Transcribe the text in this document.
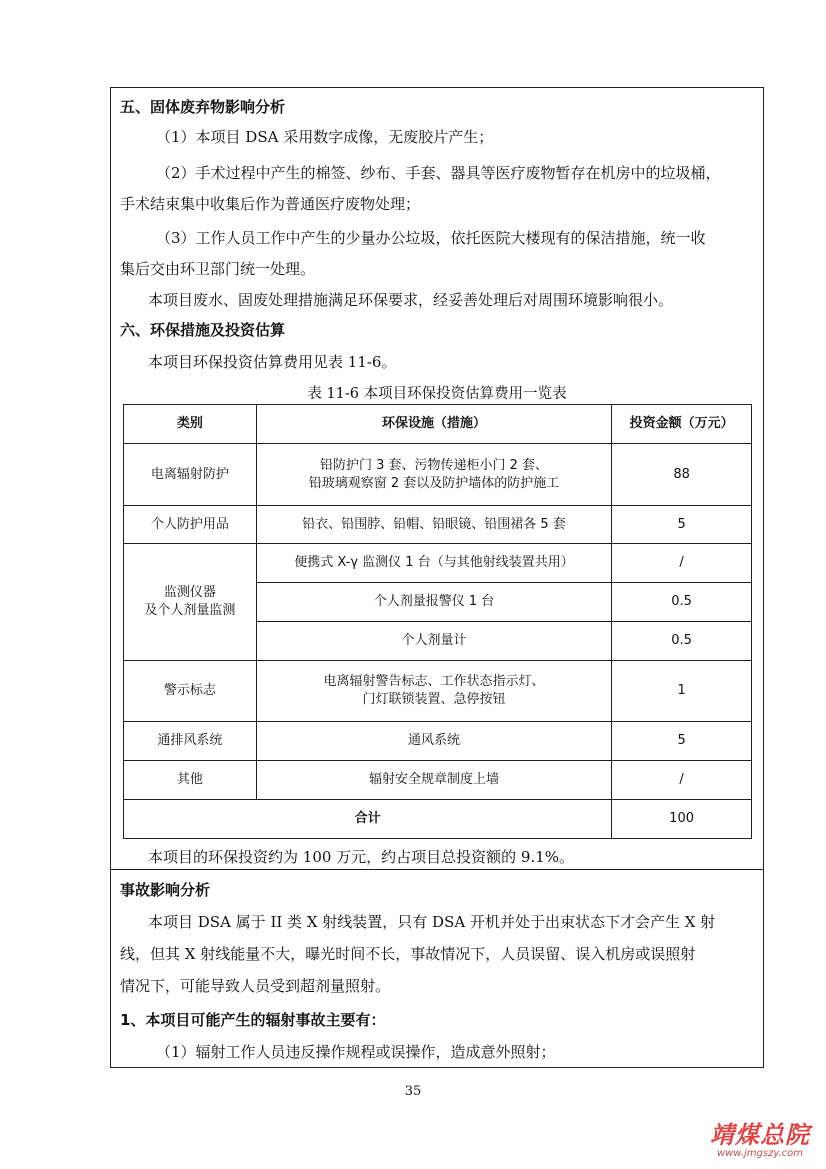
五、固体废弃物影响分析
（1）本项目 DSA 采用数字成像，无废胶片产生；
（2）手术过程中产生的棉签、纱布、手套、器具等医疗废物暂存在机房中的垃圾桶，
手术结束集中收集后作为普通医疗废物处理；
（3）工作人员工作中产生的少量办公垃圾，依托医院大楼现有的保洁措施，统一收
集后交由环卫部门统一处理。
本项目废水、固废处理措施满足环保要求，经妥善处理后对周围环境影响很小。
六、环保措施及投资估算
本项目环保投资估算费用见表 11-6。
表 11-6 本项目环保投资估算费用一览表
类别	环保设施（措施）	投资金额（万元）
电离辐射防护	铅防护门 3 套、污物传递柜小门 2 套、
铅玻璃观察窗 2 套以及防护墙体的防护施工	88
个人防护用品	铅衣、铅围脖、铅帽、铅眼镜、铅围裙各 5 套	5

监测仪器
及个人剂量监测	便携式 X-γ 监测仪 1 台（与其他射线装置共用）	/
	个人剂量报警仪 1 台	0.5
	个人剂量计	0.5
警示标志	电离辐射警告标志、工作状态指示灯、
门灯联锁装置、急停按钮	1
通排风系统	通风系统	5
其他	辐射安全规章制度上墙	/
合计		100
本项目的环保投资约为 100 万元，约占项目总投资额的 9.1%。
事故影响分析
本项目 DSA 属于 II 类 X 射线装置，只有 DSA 开机并处于出束状态下才会产生 X 射
线，但其 X 射线能量不大，曝光时间不长，事故情况下，人员误留、误入机房或误照射
情况下，可能导致人员受到超剂量照射。
1、本项目可能产生的辐射事故主要有：
（1）辐射工作人员违反操作规程或误操作，造成意外照射；
35
靖煤总院
www.jmgszy.com
